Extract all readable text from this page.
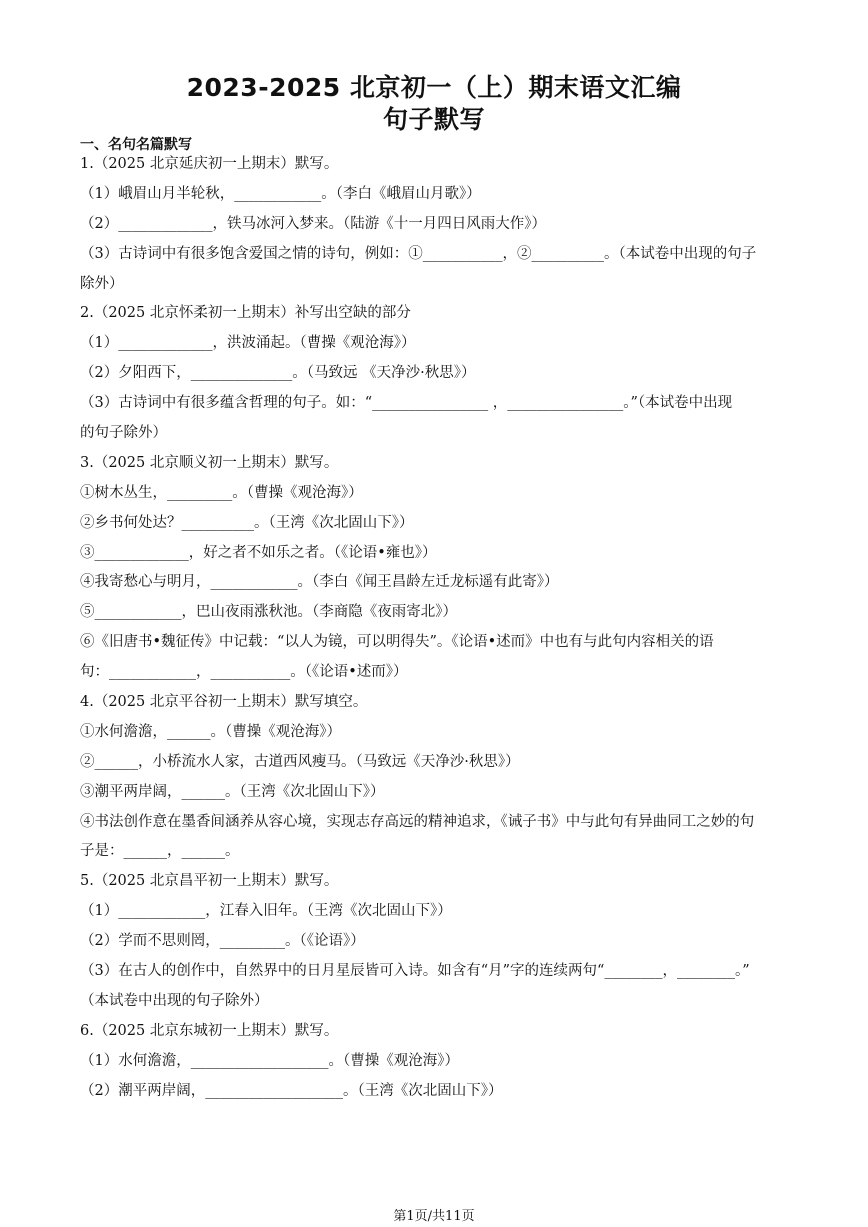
2023-2025 北京初一（上）期末语文汇编
句子默写
一、名句名篇默写
1.（2025 北京延庆初一上期末）默写。
（1）峨眉山月半轮秋，____________。（李白《峨眉山月歌》）
（2）_____________，铁马冰河入梦来。（陆游《十一月四日风雨大作》）
（3）古诗词中有很多饱含爱国之情的诗句，例如：①___________，②__________。（本试卷中出现的句子
除外）
2.（2025 北京怀柔初一上期末）补写出空缺的部分
（1）_____________，洪波涌起。（曹操《观沧海》）
（2）夕阳西下，______________。（马致远 《天净沙·秋思》）
（3）古诗词中有很多蕴含哲理的句子。如：“________________ ，________________。”（本试卷中出现
的句子除外）
3.（2025 北京顺义初一上期末）默写。
①树木丛生，_________。（曹操《观沧海》）
②乡书何处达？__________。（王湾《次北固山下》）
③_____________，好之者不如乐之者。（《论语•雍也》）
④我寄愁心与明月，____________。（李白《闻王昌龄左迁龙标遥有此寄》）
⑤____________，巴山夜雨涨秋池。（李商隐《夜雨寄北》）
⑥《旧唐书•魏征传》中记载：“以人为镜，可以明得失”。《论语•述而》中也有与此句内容相关的语
句：____________，___________。（《论语•述而》）
4.（2025 北京平谷初一上期末）默写填空。
①水何澹澹，______。（曹操《观沧海》）
②______，小桥流水人家，古道西风瘦马。（马致远《天净沙·秋思》）
③潮平两岸阔，______。（王湾《次北固山下》）
④书法创作意在墨香间涵养从容心境，实现志存高远的精神追求，《诫子书》中与此句有异曲同工之妙的句
子是：______，______。
5.（2025 北京昌平初一上期末）默写。
（1）____________，江春入旧年。（王湾《次北固山下》）
（2）学而不思则罔，_________。（《论语》）
（3）在古人的创作中，自然界中的日月星辰皆可入诗。如含有“月”字的连续两句“________，________。”
（本试卷中出现的句子除外）
6.（2025 北京东城初一上期末）默写。
（1）水何澹澹，___________________。（曹操《观沧海》）
（2）潮平两岸阔，___________________。（王湾《次北固山下》）
第1页/共11页
